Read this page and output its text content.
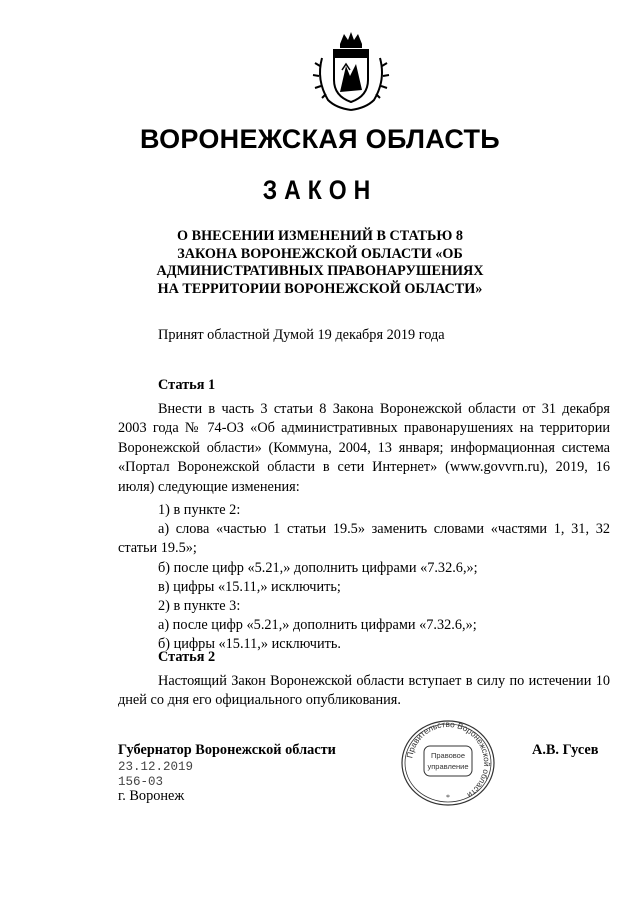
ВОРОНЕЖСКАЯ ОБЛАСТЬ
ЗАКОН
О ВНЕСЕНИИ ИЗМЕНЕНИЙ В СТАТЬЮ 8
ЗАКОНА ВОРОНЕЖСКОЙ ОБЛАСТИ «ОБ
АДМИНИСТРАТИВНЫХ ПРАВОНАРУШЕНИЯХ
НА ТЕРРИТОРИИ ВОРОНЕЖСКОЙ ОБЛАСТИ»
Принят областной Думой 19 декабря 2019 года
Статья 1
Внести в часть 3 статьи 8 Закона Воронежской области от 31 декабря 2003 года № 74-ОЗ «Об административных правонарушениях на территории Воронежской области» (Коммуна, 2004, 13 января; информационная система «Портал Воронежской области в сети Интернет» (www.govvrn.ru), 2019, 16 июля) следующие изменения:
1) в пункте 2:
а) слова «частью 1 статьи 19.5» заменить словами «частями 1, 31, 32 статьи 19.5»;
б) после цифр «5.21,» дополнить цифрами «7.32.6,»;
в) цифры «15.11,» исключить;
2) в пункте 3:
а) после цифр «5.21,» дополнить цифрами «7.32.6,»;
б) цифры «15.11,» исключить.
Статья 2
Настоящий Закон Воронежской области вступает в силу по истечении 10 дней со дня его официального опубликования.
Губернатор Воронежской области	А.В. Гусев
23.12.2019
156-03
г. Воронеж
Правительство Воронежской области
Правовое
управление
*
